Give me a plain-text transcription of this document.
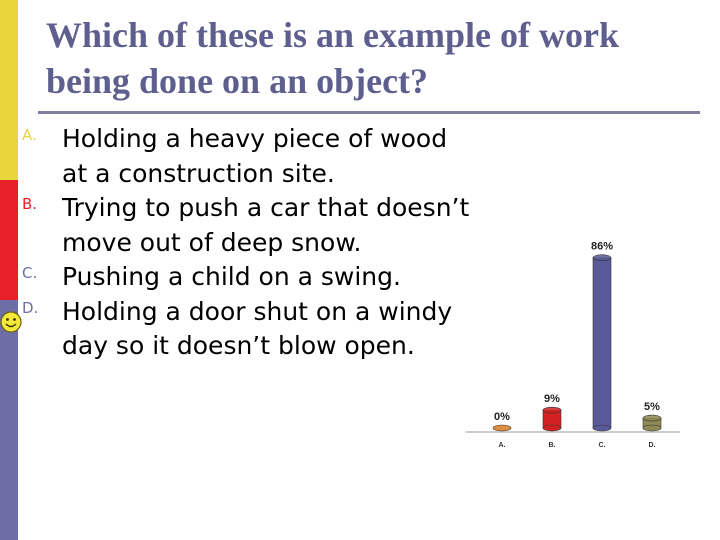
Which of these is an example of work being done on an object?
A. Holding a heavy piece of wood at a construction site.
B. Trying to push a car that doesn’t move out of deep snow.
C. Pushing a child on a swing.
D. Holding a door shut on a windy day so it doesn’t blow open.
0%
A.
9%
B.
86%
C.
5%
D.
